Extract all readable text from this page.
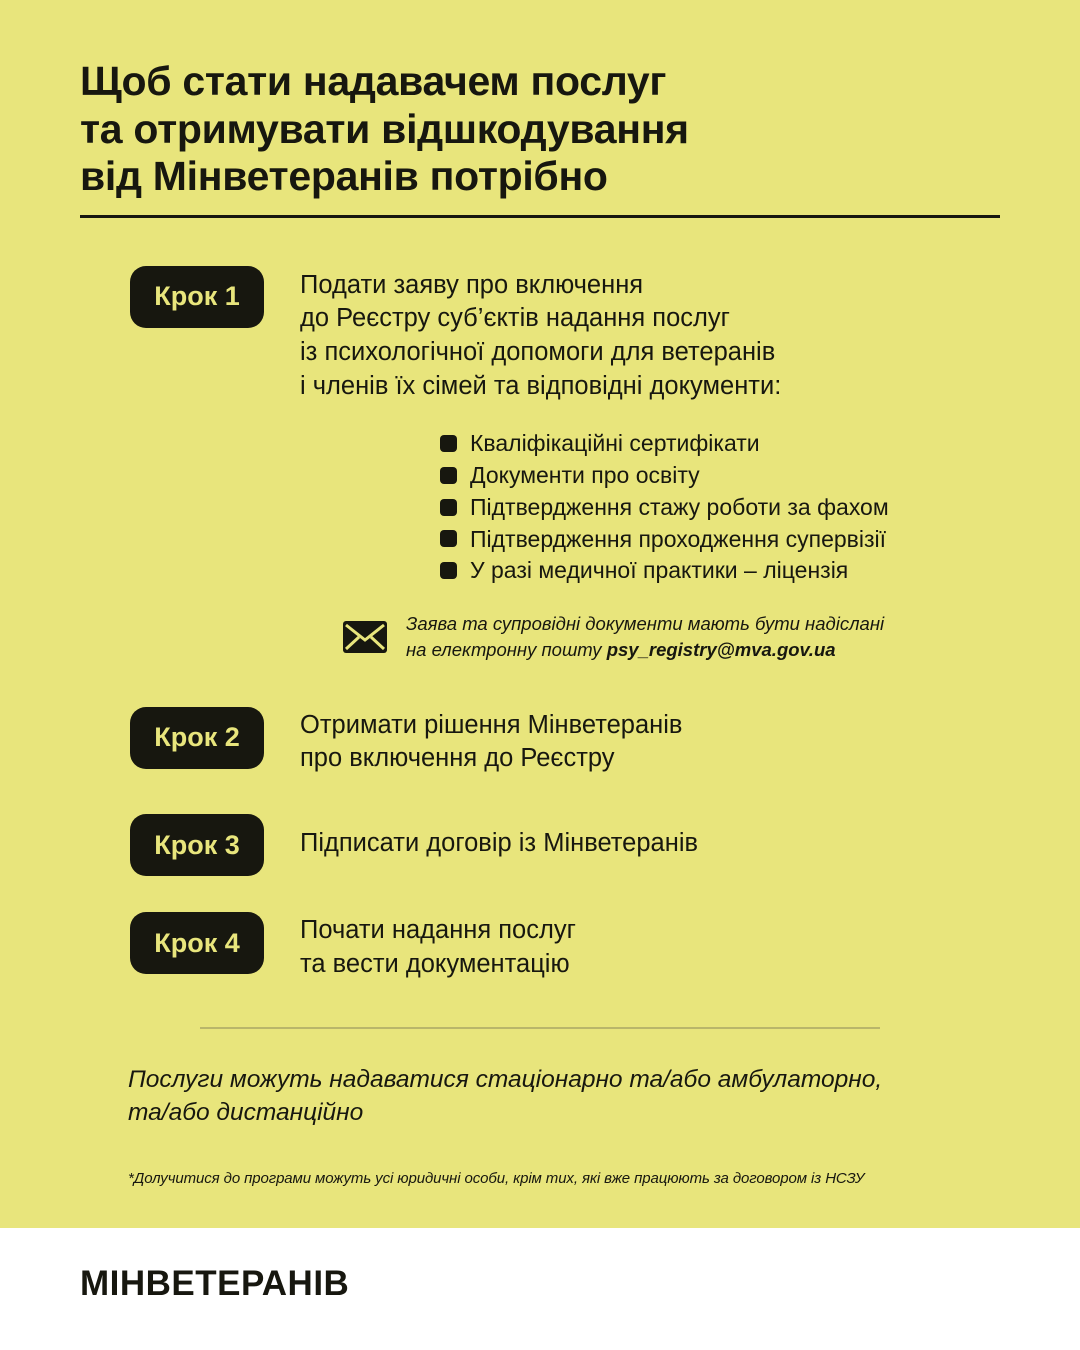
Щоб стати надавачем послуг
та отримувати відшкодування
від Мінветеранів потрібно
Крок 1	Подати заяву про включення
до Реєстру суб’єктів надання послуг
із психологічної допомоги для ветеранів
і членів їх сімей та відповідні документи:
Кваліфікаційні сертифікати
Документи про освіту
Підтвердження стажу роботи за фахом
Підтвердження проходження супервізії
У разі медичної практики – ліцензія
Заява та супровідні документи мають бути надіслані
на електронну пошту psy_registry@mva.gov.ua
Крок 2	Отримати рішення Мінветеранів
про включення до Реєстру
Крок 3	Підписати договір із Мінветеранів
Крок 4	Почати надання послуг
та вести документацію
Послуги можуть надаватися стаціонарно та/або амбулаторно,
та/або дистанційно
*Долучитися до програми можуть усі юридичні особи, крім тих, які вже працюють за договором із НСЗУ
МІНВЕТЕРАНІВ
